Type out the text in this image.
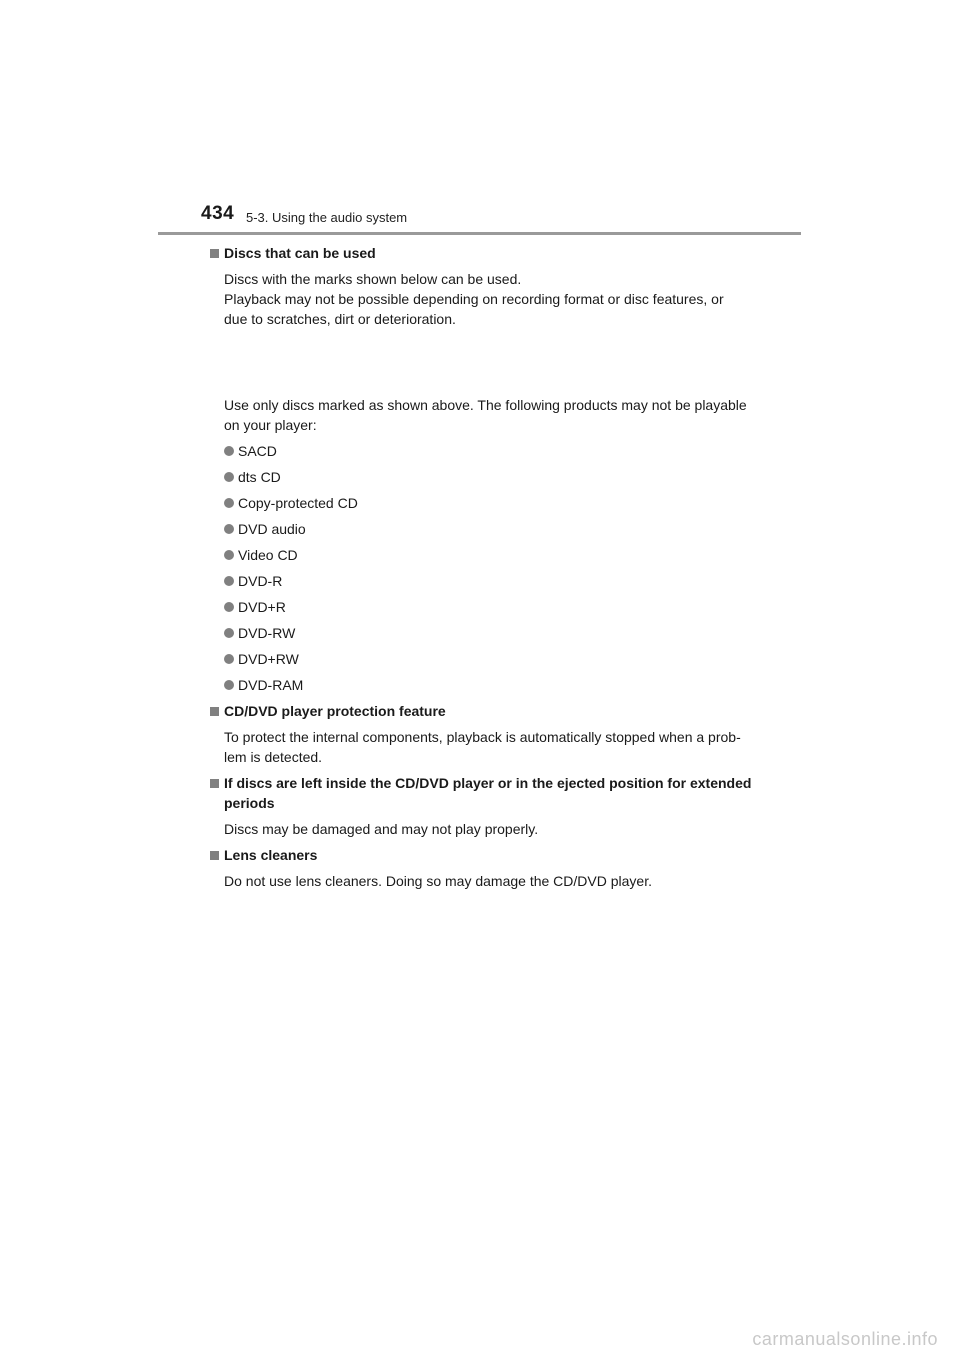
434 5-3. Using the audio system
Discs that can be used

Discs with the marks shown below can be used.

Playback may not be possible depending on recording format or disc features, or

due to scratches, dirt or deterioration.

Use only discs marked as shown above. The following products may not be playable

on your player:

SACD
dts CD
Copy-protected CD
DVD audio
Video CD
DVD-R
DVD+R
DVD-RW
DVD+RW
DVD-RAM
CD/DVD player protection feature

To protect the internal components, playback is automatically stopped when a prob-

lem is detected.

If discs are left inside the CD/DVD player or in the ejected position for extended
periods

Discs may be damaged and may not play properly.

Lens cleaners

Do not use lens cleaners. Doing so may damage the CD/DVD player.

carmanualsonline.info
